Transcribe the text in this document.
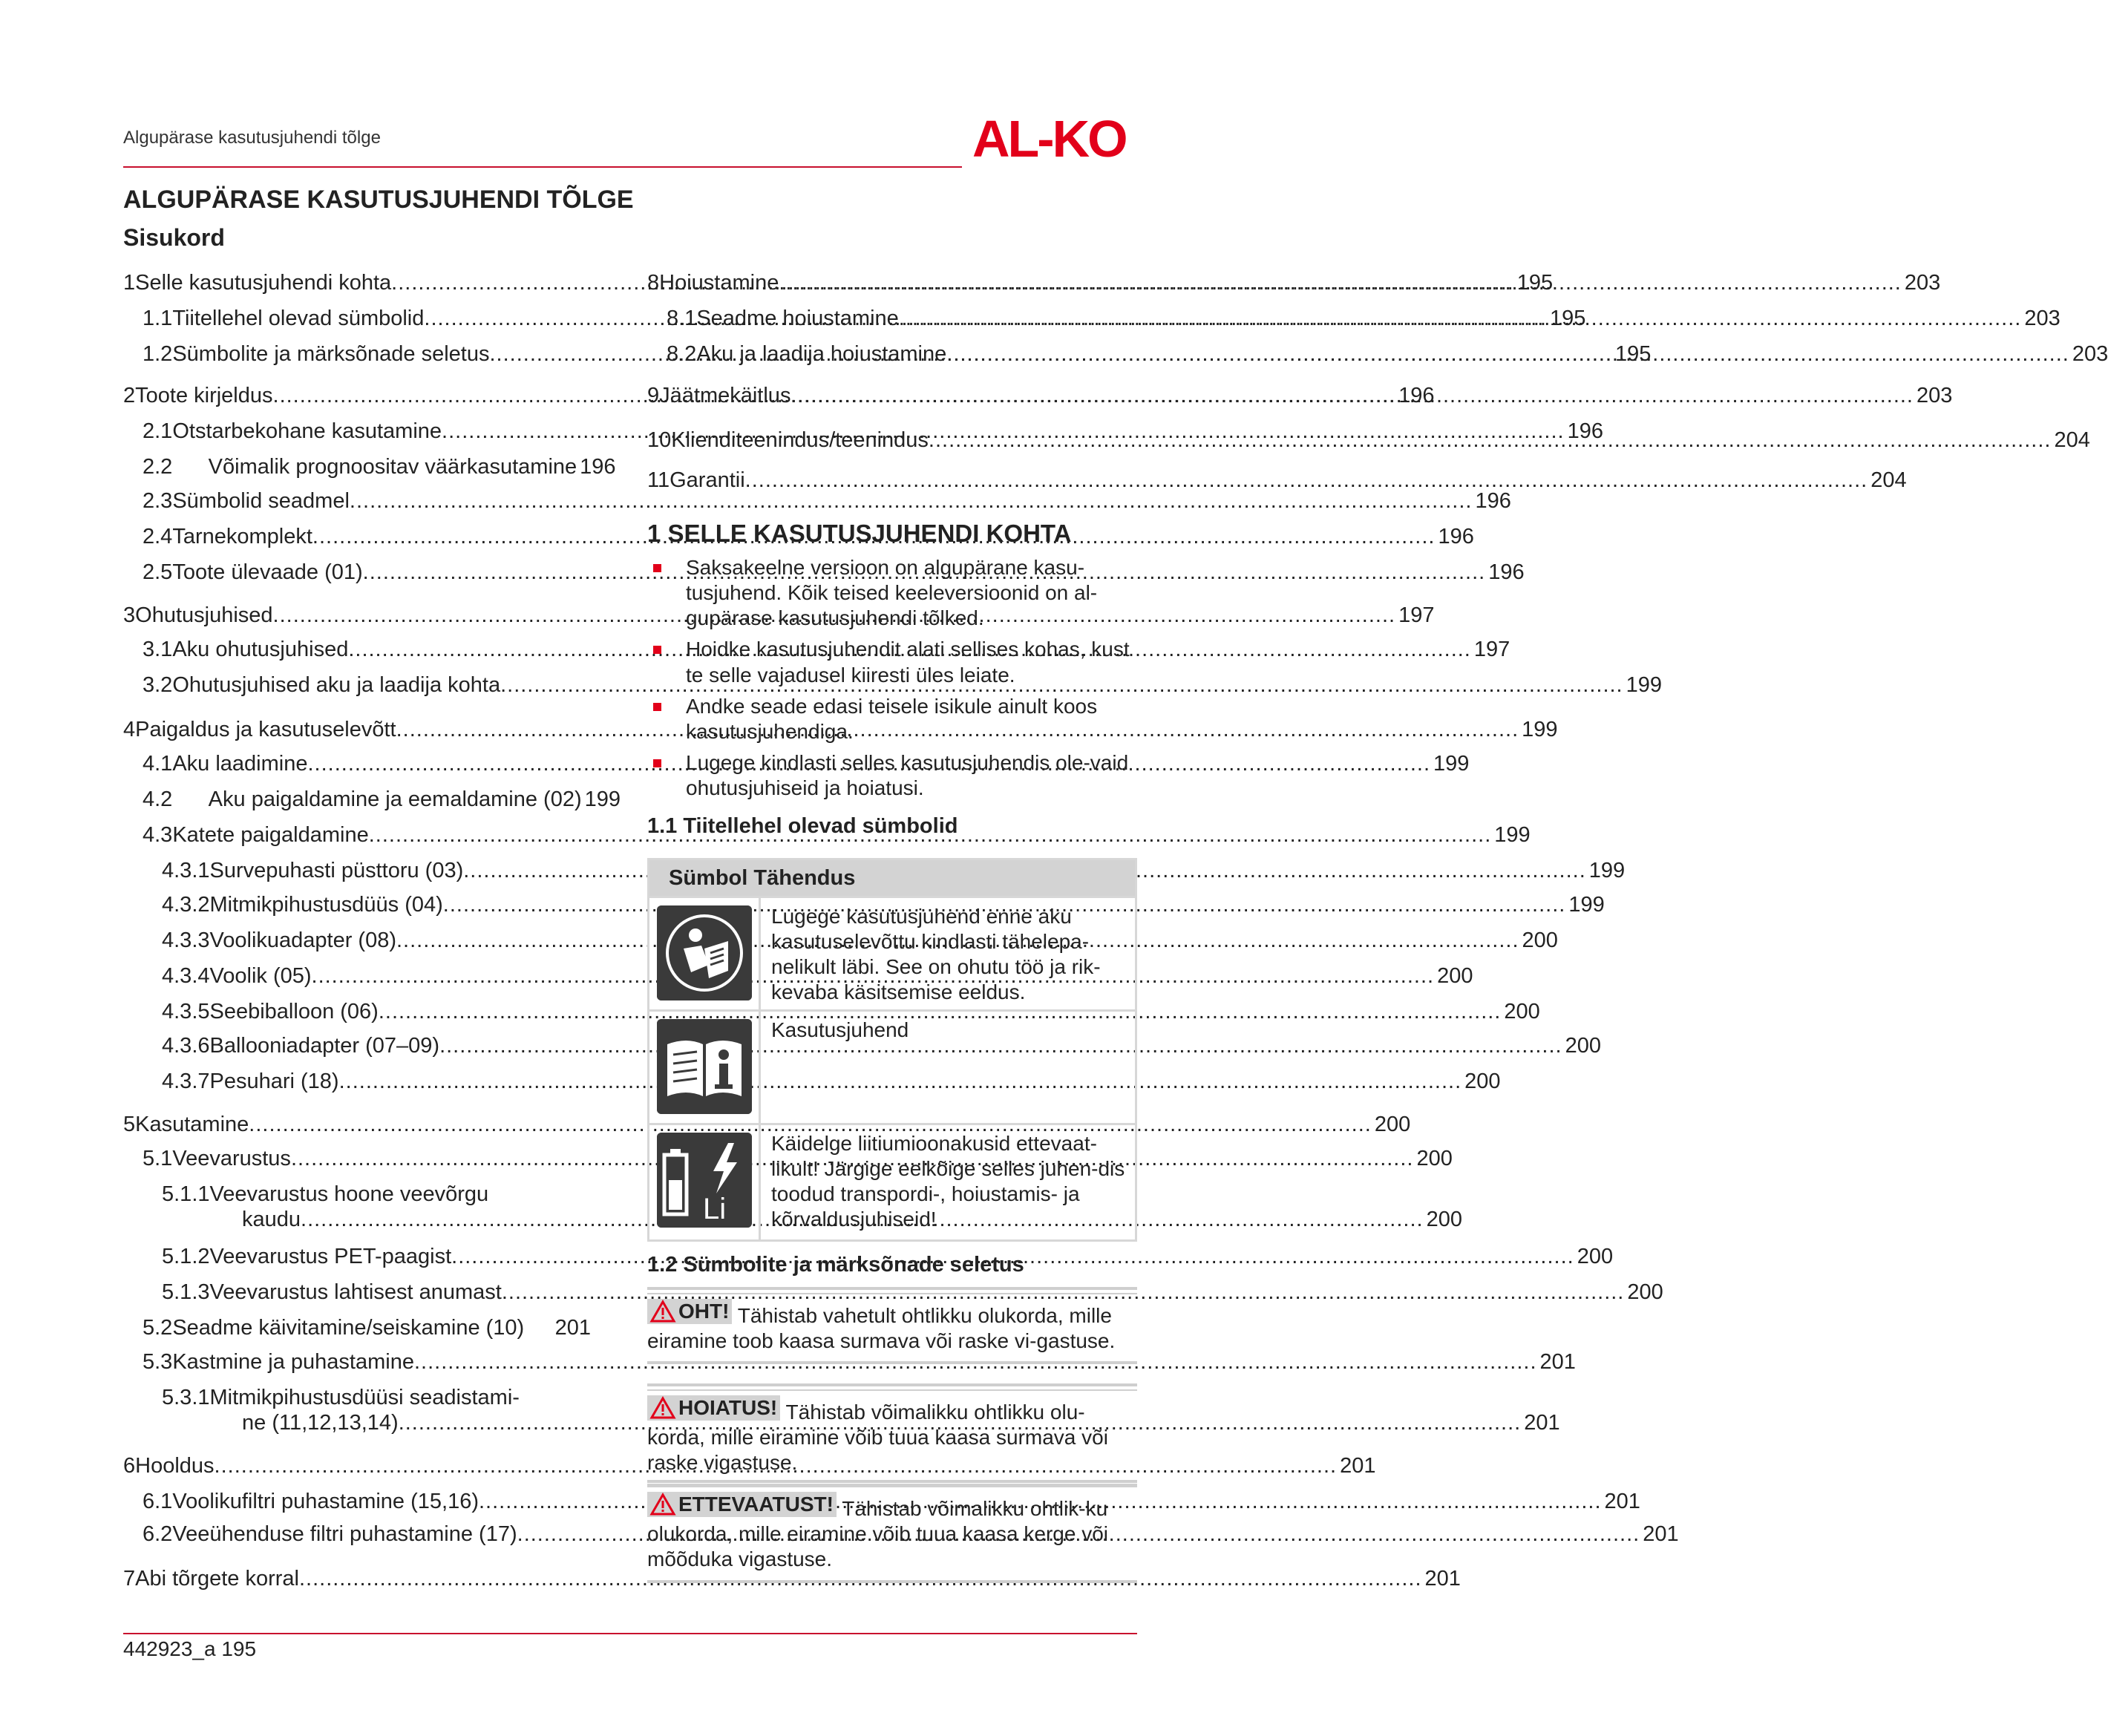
Algupärase kasutusjuhendi tõlge	AL-KO
ALGUPÄRASE KASUTUSJUHENDI TÕLGE
Sisukord
1 Selle kasutusjuhendi kohta .....	195
1.1 Tiitellehel olevad sümbolid .....	195
1.2 Sümbolite ja märksõnade seletus .....	195
2 Toote kirjeldus .....	196
2.1 Otstarbekohane kasutamine .....	196
2.2 Võimalik prognoositav väärkasutamine 196
2.3 Sümbolid seadmel .....	196
2.4 Tarnekomplekt .....	196
2.5 Toote ülevaade (01) .....	196
3 Ohutusjuhised .....	197
3.1 Aku ohutusjuhised .....	197
3.2 Ohutusjuhised aku ja laadija kohta .....	199
4 Paigaldus ja kasutuselevõtt .....	199
4.1 Aku laadimine .....	199
4.2 Aku paigaldamine ja eemaldamine (02) 199
4.3 Katete paigaldamine .....	199
4.3.1 Survepuhasti püsttoru (03) .....	199
4.3.2 Mitmikpihustusdüüs (04) .....	199
4.3.3 Voolikuadapter (08) .....	200
4.3.4 Voolik (05) .....	200
4.3.5 Seebiballoon (06) .....	200
4.3.6 Ballooniadapter (07–09) .....	200
4.3.7 Pesuhari (18) .....	200
5 Kasutamine .....	200
5.1 Veevarustus .....	200
5.1.1 Veevarustus hoone veevõrgu
kaudu .....	200
5.1.2 Veevarustus PET-paagist .....	200
5.1.3 Veevarustus lahtisest anumast .....	200
5.2 Seadme käivitamine/seiskamine (10)	201
5.3 Kastmine ja puhastamine .....	201
5.3.1 Mitmikpihustusdüüsi seadistami-
ne (11,12,13,14) .....	201
6 Hooldus .....	201
6.1 Voolikufiltri puhastamine (15,16) .....	201
6.2 Veeühenduse filtri puhastamine (17) .....	201
7 Abi tõrgete korral .....	201
8 Hoiustamine .....	203
8.1 Seadme hoiustamine .....	203
8.2 Aku ja laadija hoiustamine .....	203
9 Jäätmekäitlus .....	203
10 Klienditeenindus/teenindus .....	204
11 Garantii .....	204
1 SELLE KASUTUSJUHENDI KOHTA
Saksakeelne versioon on algupärane kasu-tusjuhend. Kõik teised keeleversioonid on al-gupärase kasutusjuhendi tõlked.
Hoidke kasutusjuhendit alati sellises kohas, kust te selle vajadusel kiiresti üles leiate.
Andke seade edasi teisele isikule ainult koos kasutusjuhendiga.
Lugege kindlasti selles kasutusjuhendis ole-vaid ohutusjuhiseid ja hoiatusi.
1.1 Tiitellehel olevad sümbolid
Sümbol Tähendus
Lugege kasutusjuhend enne aku kasutuselevõttu kindlasti tähelepa-nelikult läbi. See on ohutu töö ja rik-kevaba käsitsemise eeldus.
Kasutusjuhend
Li
Käidelge liitiumioonakusid ettevaat-likult! Järgige eelkõige selles juhen-dis toodud transpordi-, hoiustamis- ja kõrvaldusjuhiseid!
1.2 Sümbolite ja märksõnade seletus
OHT! Tähistab vahetult ohtlikku olukorda, mille eiramine toob kaasa surmava või raske vi-gastuse.
HOIATUS! Tähistab võimalikku ohtlikku olu-korda, mille eiramine võib tuua kaasa surmava või raske vigastuse.
ETTEVAATUST! Tähistab võimalikku ohtlik-ku olukorda, mille eiramine võib tuua kaasa kerge või mõõduka vigastuse.
442923_a 195
